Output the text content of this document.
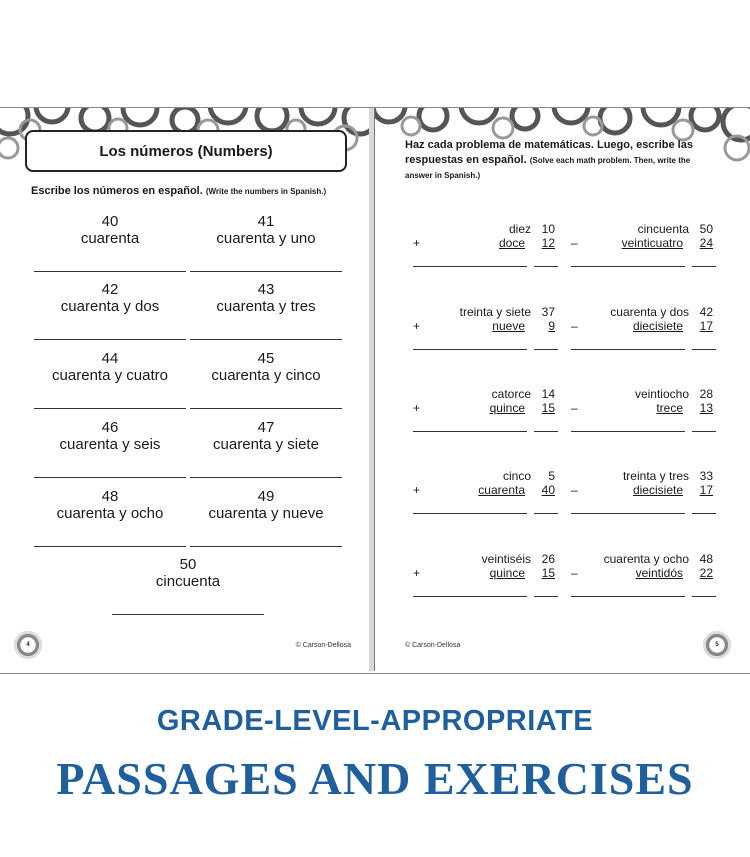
Los números (Numbers)
Escribe los números en español. (Write the numbers in Spanish.)
40
cuarenta
41
cuarenta y uno
42
cuarenta y dos
43
cuarenta y tres
44
cuarenta y cuatro
45
cuarenta y cinco
46
cuarenta y seis
47
cuarenta y siete
48
cuarenta y ocho
49
cuarenta y nueve
50
cincuenta
4	© Carson-Dellosa
Haz cada problema de matemáticas. Luego, escribe las respuestas en español. (Solve each math problem. Then, write the answer in Spanish.)
diez 10
+	doce 12
cincuenta 50
–	veinticuatro 24
treinta y siete 37
+	nueve 9
cuarenta y dos 42
–	diecisiete 17
catorce 14
+	quince 15
veintiocho 28
–	trece 13
cinco 5
+	cuarenta 40
treinta y tres 33
–	diecisiete 17
veintiséis 26
+	quince 15
cuarenta y ocho 48
–	veintidós 22
© Carson-Dellosa	5
GRADE-LEVEL-APPROPRIATE
PASSAGES AND EXERCISES
